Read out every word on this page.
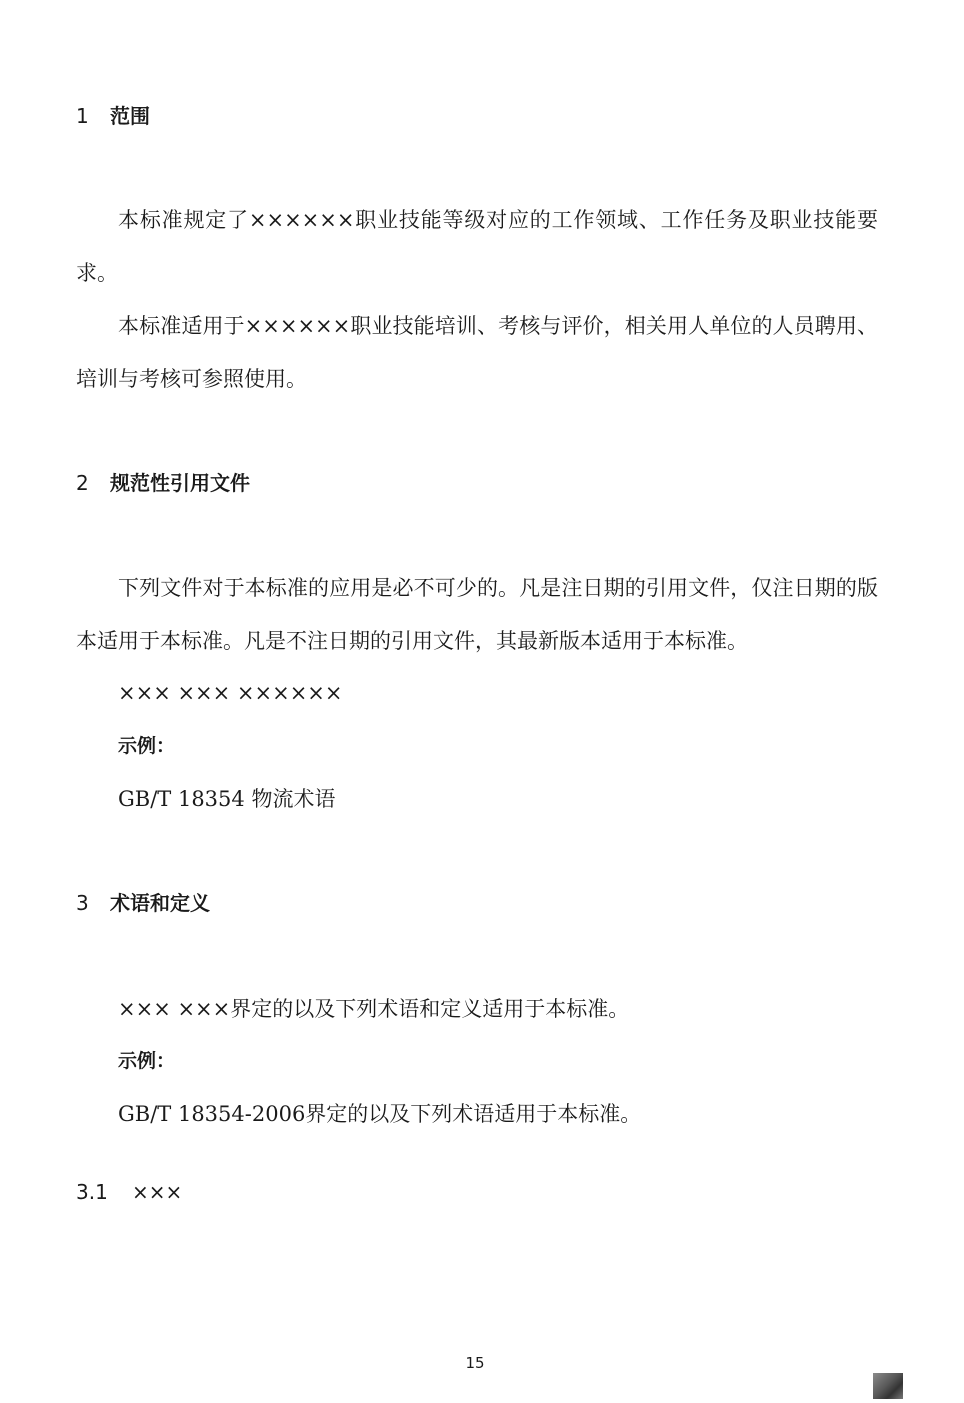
1 范围

本标准规定了××××××职业技能等级对应的工作领域、工作任务及职业技能要求。

本标准适用于××××××职业技能培训、考核与评价，相关用人单位的人员聘用、培训与考核可参照使用。

2 规范性引用文件

下列文件对于本标准的应用是必不可少的。凡是注日期的引用文件，仅注日期的版本适用于本标准。凡是不注日期的引用文件，其最新版本适用于本标准。

××× ××× ××××××

示例：

GB/T 18354 物流术语

3 术语和定义

××× ×××界定的以及下列术语和定义适用于本标准。

示例：

GB/T 18354-2006界定的以及下列术语适用于本标准。

3.1 ×××
15
